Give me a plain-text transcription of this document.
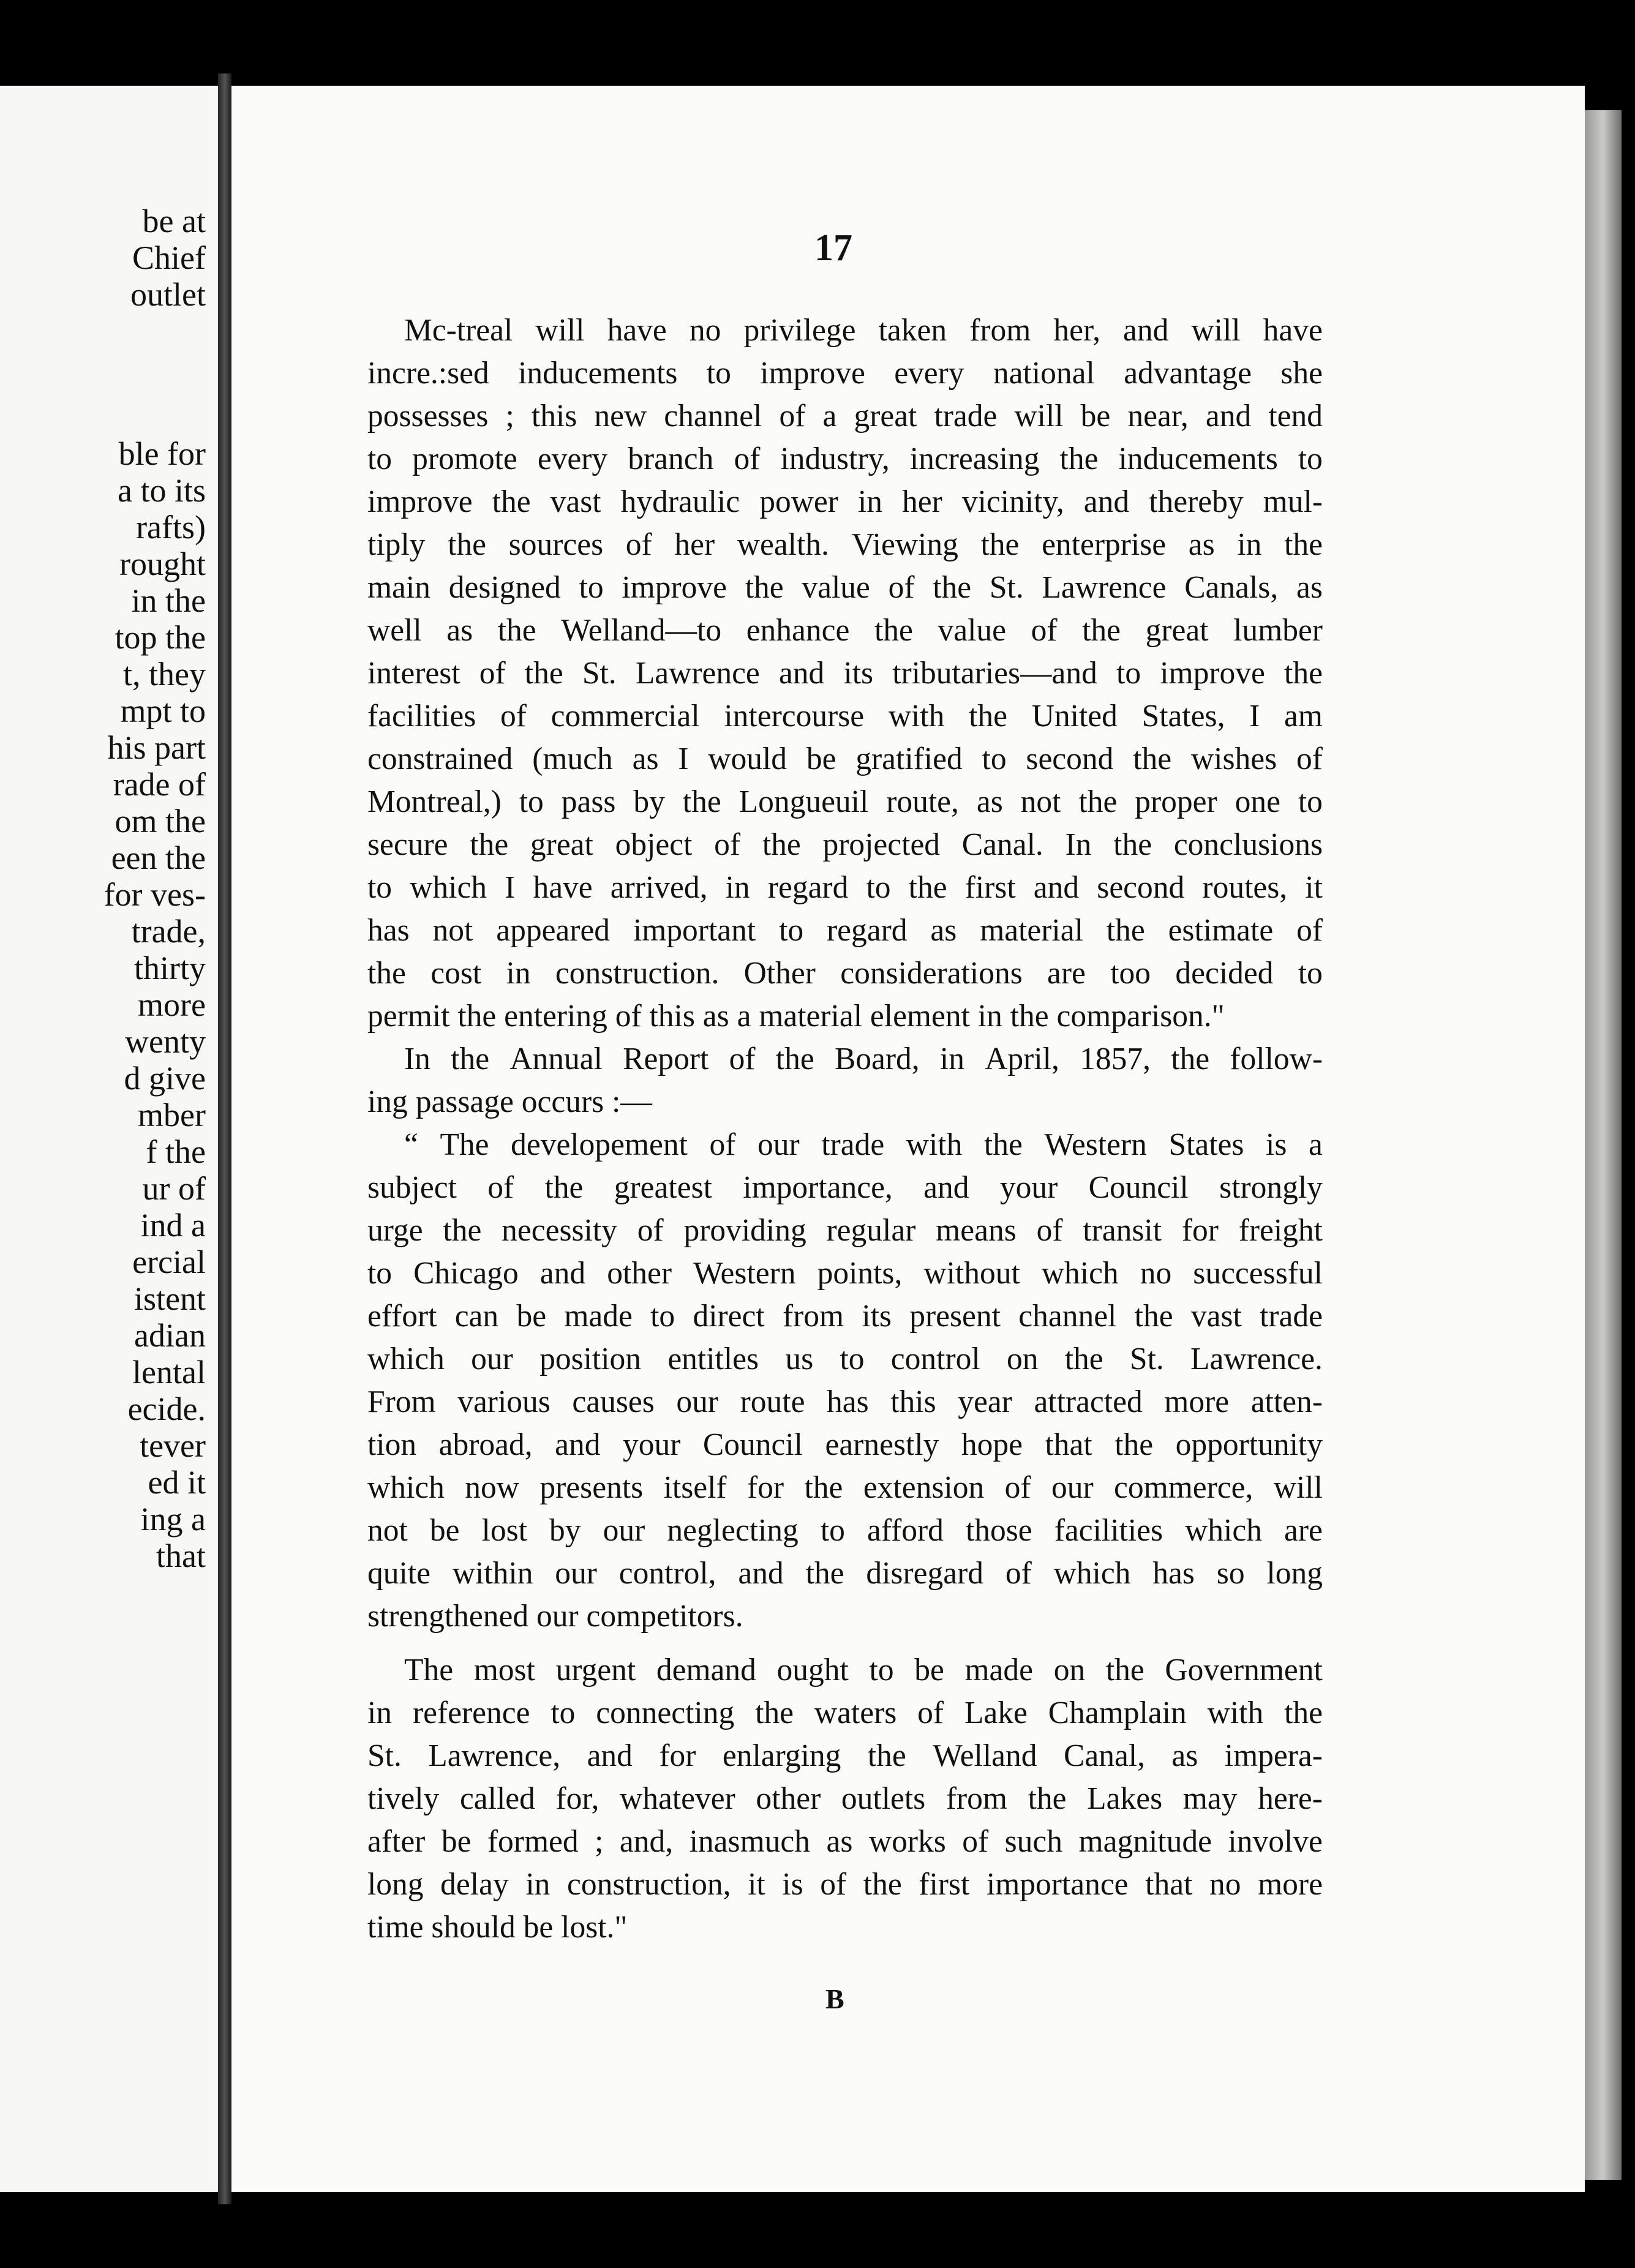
be at
Chief
outlet
ble for
a to its
rafts)
rought
in the
top the
t, they
mpt to
his part
rade of
om the
een the
for ves-
trade,
thirty
more
wenty
d give
mber
f the
ur of
ind a
ercial
istent
adian
lental
ecide.
tever
ed it
ing a
that
17
Mc-treal will have no privilege taken from her, and will have
incre.:sed inducements to improve every national advantage she
possesses ; this new channel of a great trade will be near, and tend
to promote every branch of industry, increasing the inducements to
improve the vast hydraulic power in her vicinity, and thereby mul-
tiply the sources of her wealth. Viewing the enterprise as in the
main designed to improve the value of the St. Lawrence Canals, as
well as the Welland—to enhance the value of the great lumber
interest of the St. Lawrence and its tributaries—and to improve the
facilities of commercial intercourse with the United States, I am
constrained (much as I would be gratified to second the wishes of
Montreal,) to pass by the Longueuil route, as not the proper one to
secure the great object of the projected Canal. In the conclusions
to which I have arrived, in regard to the first and second routes, it
has not appeared important to regard as material the estimate of
the cost in construction. Other considerations are too decided to
permit
the
entering
of
this
as
a
material
element
in
the
comparison."

In the Annual Report of the Board, in April, 1857, the follow-
ing
passage
occurs
:—

“ The developement of our trade with the Western States is a
subject of the greatest importance, and your Council strongly
urge the necessity of providing regular means of transit for freight
to Chicago and other Western points, without which no successful
effort can be made to direct from its present channel the vast trade
which our position entitles us to control on the St. Lawrence.
From various causes our route has this year attracted more atten-
tion abroad, and your Council earnestly hope that the opportunity
which now presents itself for the extension of our commerce, will
not be lost by our neglecting to afford those facilities which are
quite within our control, and the disregard of which has so long
strengthened
our
competitors.

The most urgent demand ought to be made on the Government
in reference to connecting the waters of Lake Champlain with the
St. Lawrence, and for enlarging the Welland Canal, as impera-
tively called for, whatever other outlets from the Lakes may here-
after be formed ; and, inasmuch as works of such magnitude involve
long delay in construction, it is of the first importance that no more
time
should
be
lost."

B
